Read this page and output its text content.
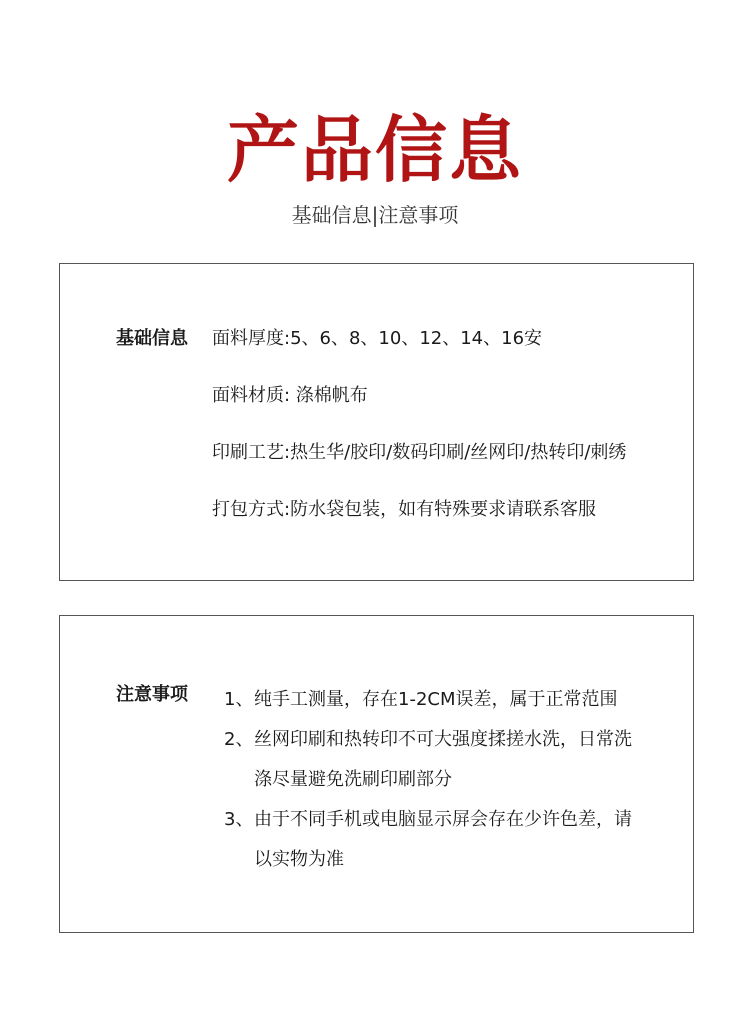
产品信息
基础信息|注意事项
基础信息 面料厚度:5、6、8、10、12、14、16安
面料材质: 涤棉帆布
印刷工艺:热生华/胶印/数码印刷/丝网印/热转印/刺绣
打包方式:防水袋包装，如有特殊要求请联系客服
注意事项 1、 纯手工测量，存在1-2CM误差，属于正常范围
2、 丝网印刷和热转印不可大强度揉搓水洗，日常洗涤尽量避免洗刷印刷部分
3、 由于不同手机或电脑显示屏会存在少许色差，请以实物为准
